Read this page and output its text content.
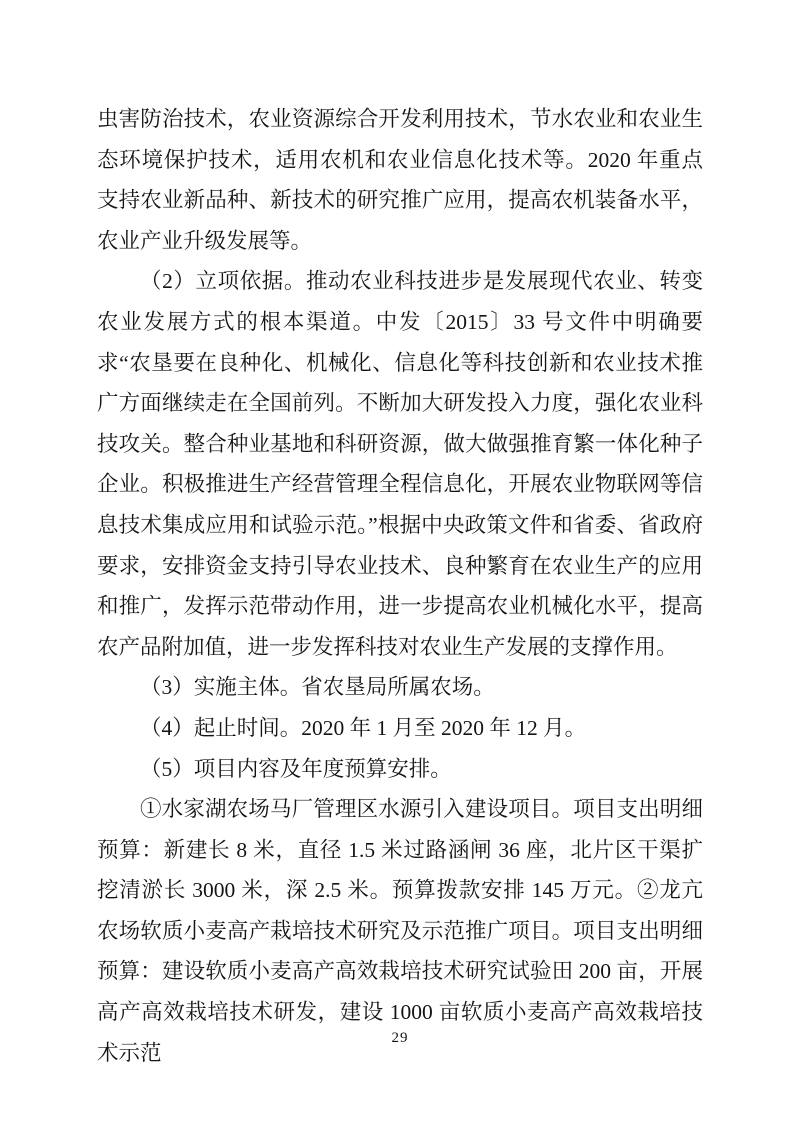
虫害防治技术，农业资源综合开发利用技术，节水农业和农业生态环境保护技术，适用农机和农业信息化技术等。2020 年重点支持农业新品种、新技术的研究推广应用，提高农机装备水平，农业产业升级发展等。

（2）立项依据。推动农业科技进步是发展现代农业、转变农业发展方式的根本渠道。中发〔2015〕33 号文件中明确要求“农垦要在良种化、机械化、信息化等科技创新和农业技术推广方面继续走在全国前列。不断加大研发投入力度，强化农业科技攻关。整合种业基地和科研资源，做大做强推育繁一体化种子企业。积极推进生产经营管理全程信息化，开展农业物联网等信息技术集成应用和试验示范。”根据中央政策文件和省委、省政府要求，安排资金支持引导农业技术、良种繁育在农业生产的应用和推广，发挥示范带动作用，进一步提高农业机械化水平，提高农产品附加值，进一步发挥科技对农业生产发展的支撑作用。

（3）实施主体。省农垦局所属农场。

（4）起止时间。2020 年 1 月至 2020 年 12 月。

（5）项目内容及年度预算安排。

①水家湖农场马厂管理区水源引入建设项目。项目支出明细预算：新建长 8 米，直径 1.5 米过路涵闸 36 座，北片区干渠扩挖清淤长 3000 米，深 2.5 米。预算拨款安排 145 万元。②龙亢农场软质小麦高产栽培技术研究及示范推广项目。项目支出明细预算：建设软质小麦高产高效栽培技术研究试验田 200 亩，开展高产高效栽培技术研发，建设 1000 亩软质小麦高产高效栽培技术示范

29
